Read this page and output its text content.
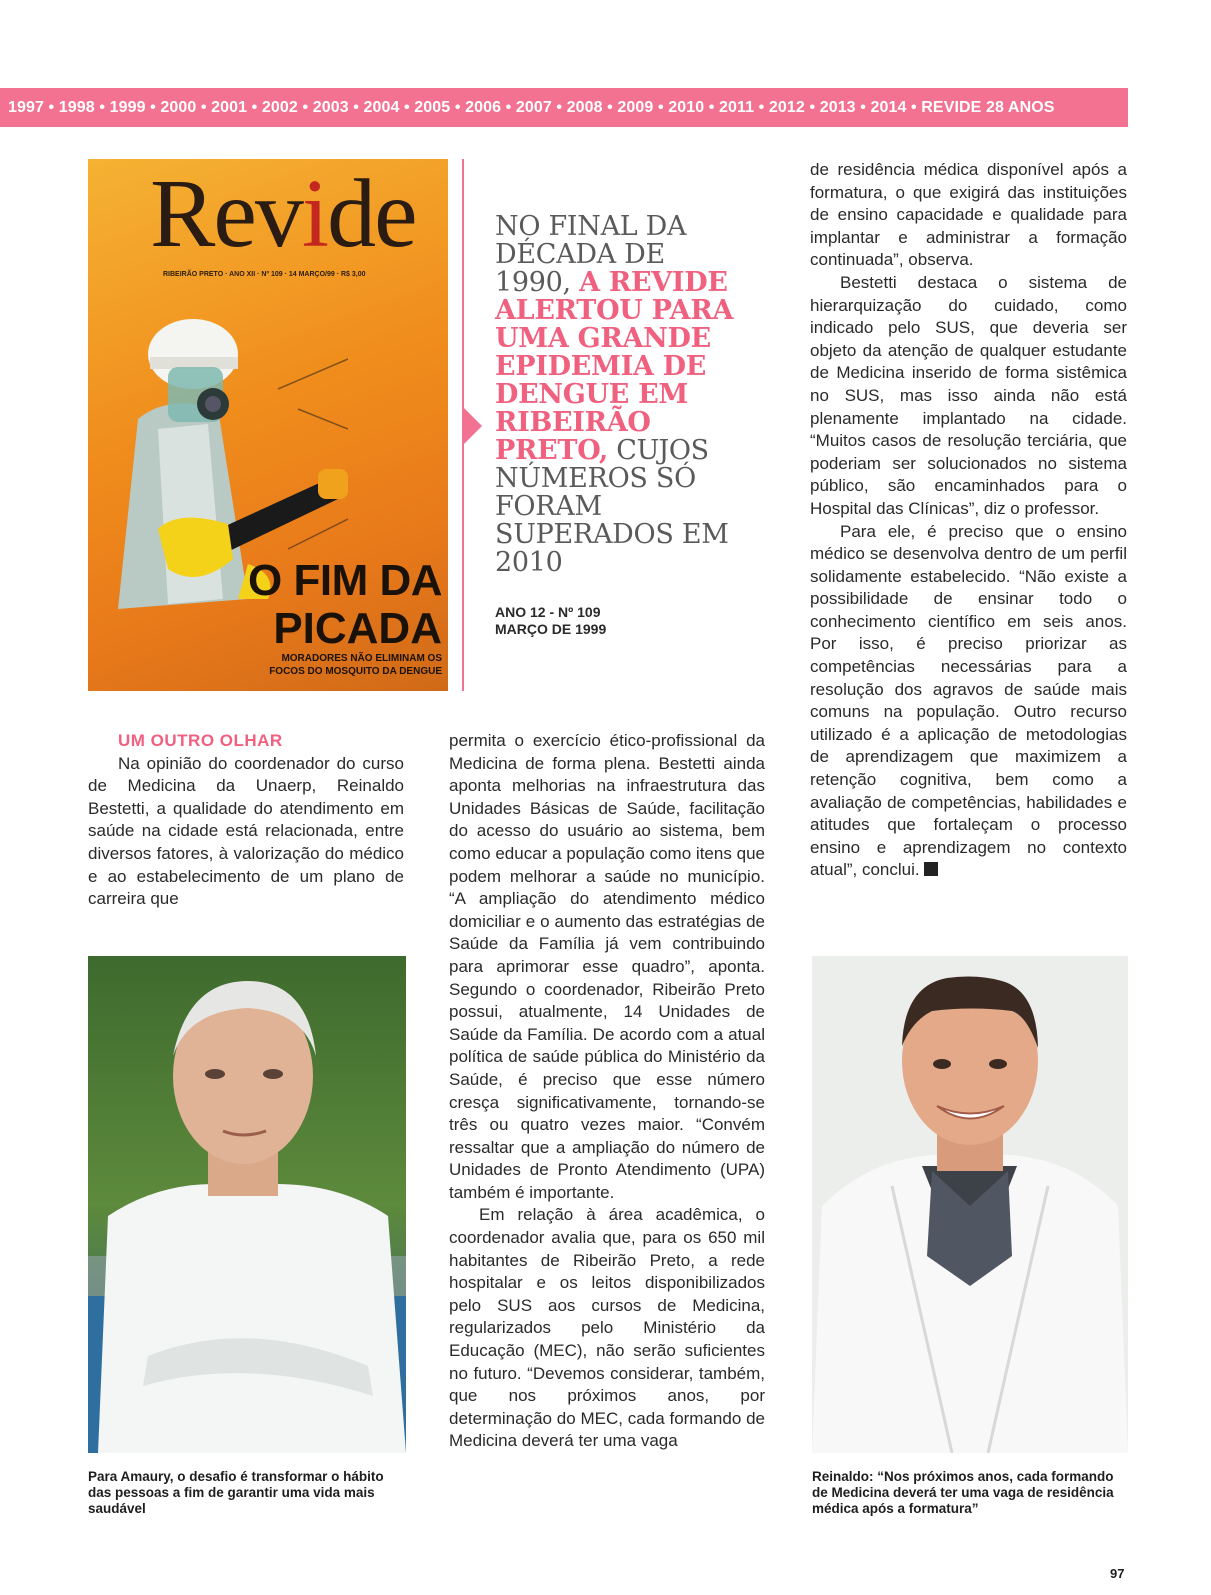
1997 • 1998 • 1999 • 2000 • 2001 • 2002 • 2003 • 2004 • 2005 • 2006 • 2007 • 2008 • 2009 • 2010 • 2011 • 2012 • 2013 • 2014 • REVIDE 28 ANOS
Revide
RIBEIRÃO PRETO · ANO XII · Nº 109 · 14 MARÇO/99 · R$ 3,00
O FIM DA
PICADA
MORADORES NÃO ELIMINAM OS
FOCOS DO MOSQUITO DA DENGUE
NO FINAL DA DÉCADA DE 1990, A REVIDE ALERTOU PARA UMA GRANDE EPIDEMIA DE DENGUE EM RIBEIRÃO PRETO, CUJOS NÚMEROS SÓ FORAM SUPERADOS EM 2010
ANO 12 - Nº 109
MARÇO DE 1999
UM OUTRO OLHAR

Na opinião do coordenador do curso de Medicina da Unaerp, Reinaldo Bestetti, a qualidade do atendimento em saúde na cidade está relacionada, entre diversos fatores, à valorização do médico e ao estabelecimento de um plano de carreira que

permita o exercício ético-profissional da Medicina de forma plena. Bestetti ainda aponta melhorias na infraestrutura das Unidades Básicas de Saúde, facilitação do acesso do usuário ao sistema, bem como educar a população como itens que podem melhorar a saúde no município. “A ampliação do atendimento médico domiciliar e o aumento das estratégias de Saúde da Família já vem contribuindo para aprimorar esse quadro”, aponta. Segundo o coordenador, Ribeirão Preto possui, atualmente, 14 Unidades de Saúde da Família. De acordo com a atual política de saúde pública do Ministério da Saúde, é preciso que esse número cresça significativamente, tornando-se três ou quatro vezes maior. “Convém ressaltar que a ampliação do número de Unidades de Pronto Atendimento (UPA) também é importante.

Em relação à área acadêmica, o coordenador avalia que, para os 650 mil habitantes de Ribeirão Preto, a rede hospitalar e os leitos disponibilizados pelo SUS aos cursos de Medicina, regularizados pelo Ministério da Educação (MEC), não serão suficientes no futuro. “Devemos considerar, também, que nos próximos anos, por determinação do MEC, cada formando de Medicina deverá ter uma vaga

de residência médica disponível após a formatura, o que exigirá das instituições de ensino capacidade e qualidade para implantar e administrar a formação continuada”, observa.

Bestetti destaca o sistema de hierarquização do cuidado, como indicado pelo SUS, que deveria ser objeto da atenção de qualquer estudante de Medicina inserido de forma sistêmica no SUS, mas isso ainda não está plenamente implantado na cidade. “Muitos casos de resolução terciária, que poderiam ser solucionados no sistema público, são encaminhados para o Hospital das Clínicas”, diz o professor.

Para ele, é preciso que o ensino médico se desenvolva dentro de um perfil solidamente estabelecido. “Não existe a possibilidade de ensinar todo o conhecimento científico em seis anos. Por isso, é preciso priorizar as competências necessárias para a resolução dos agravos de saúde mais comuns na população. Outro recurso utilizado é a aplicação de metodologias de aprendizagem que maximizem a retenção cognitiva, bem como a avaliação de competências, habilidades e atitudes que fortaleçam o processo ensino e aprendizagem no contexto atual”, conclui.

Para Amaury, o desafio é transformar o hábito das pessoas a fim de garantir uma vida mais saudável
Reinaldo: “Nos próximos anos, cada formando de Medicina deverá ter uma vaga de residência médica após a formatura”
97
